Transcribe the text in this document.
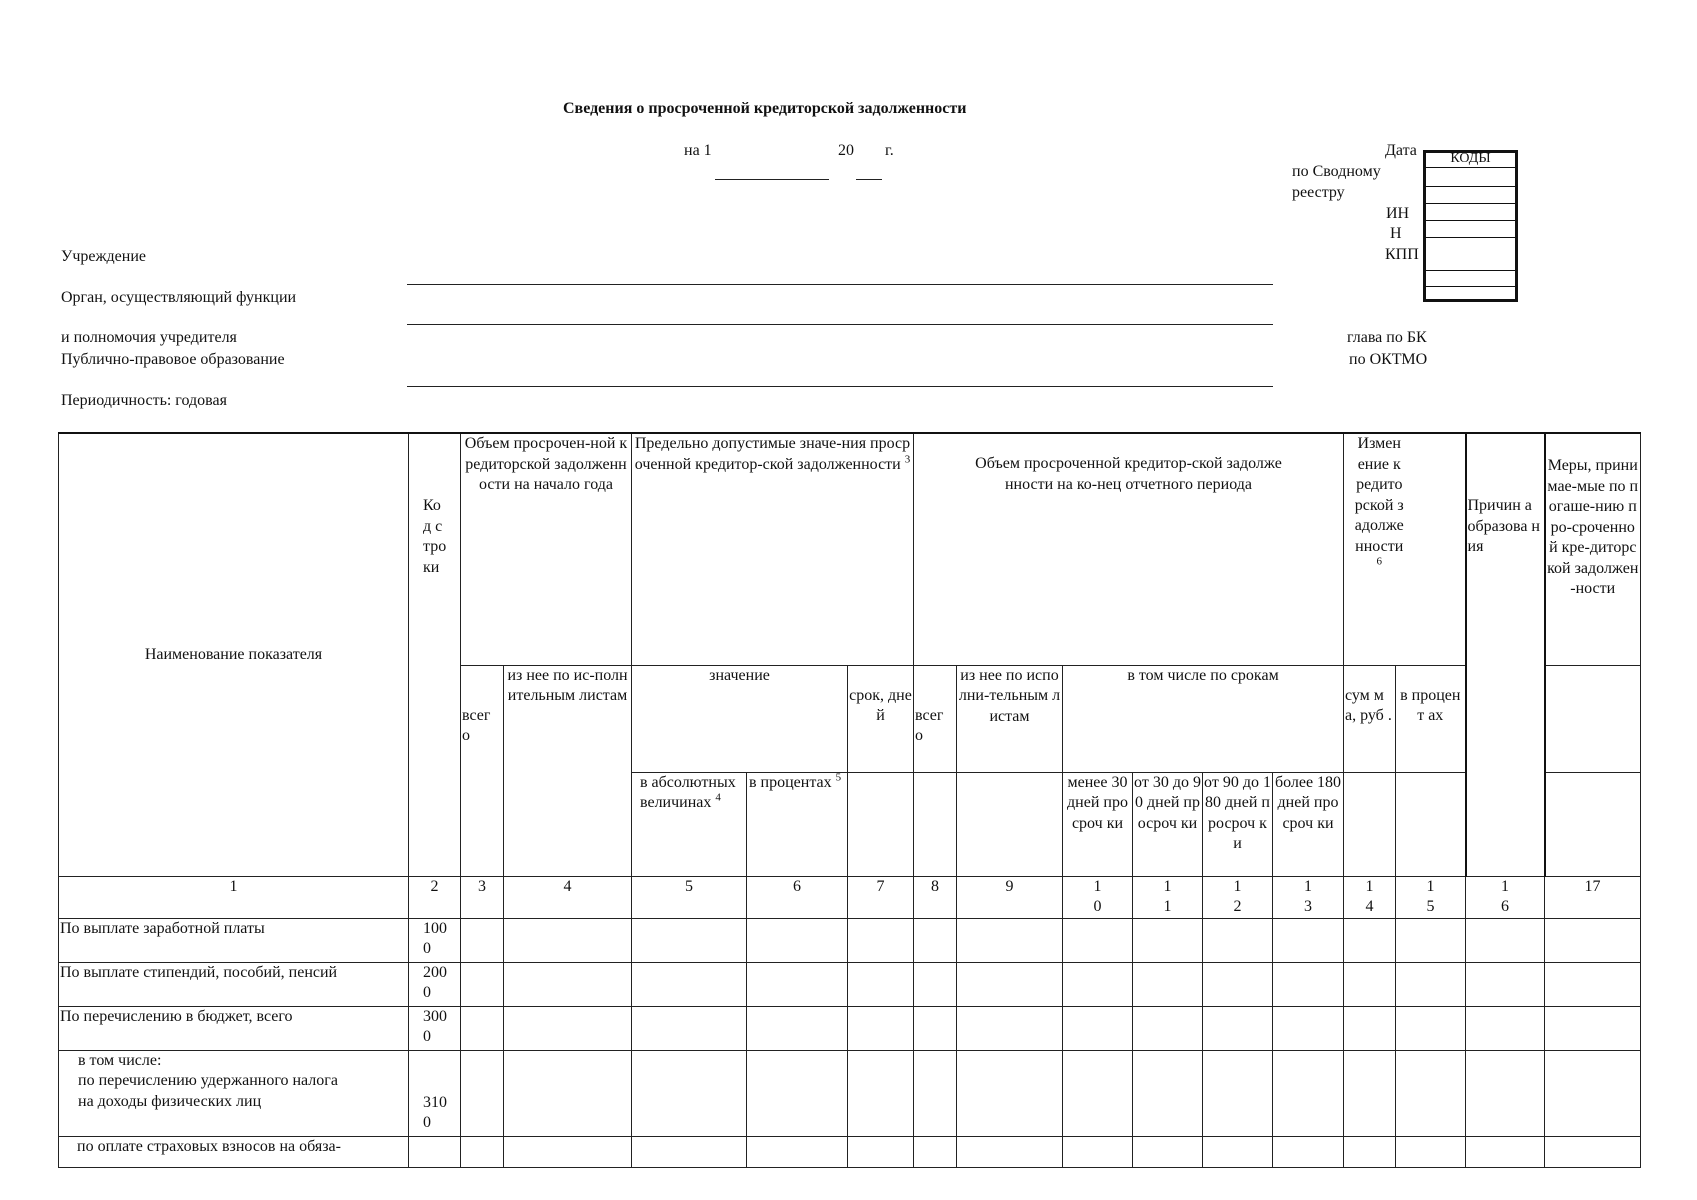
Сведения о просроченной кредиторской задолженности
на 1	20 г.	КОДЫ
Дата
по Сводному
реестру
ИН
Н
КПП
глава по БК
по ОКТМО
Учреждение
Орган, осуществляющий функции
и полномочия учредителя
Публично-правовое образование
Периодичность: годовая
Наименование показателя	Ко д стро ки	Объем просрочен-ной кредиторской задолженности на начало года		Предельно допустимые значе-ния просроченной кредитор-ской задолженности $^3$			Объем просроченной кредитор-ской задолженности на ко-нец отчетного периода						Изменение кредиторской задолженности $^6$		Причин а образова ния	Меры, принимае-мые по погаше-нию про-сроченной кре-диторской задолжен-ности
		всег о	из нее по ис-полнительным листам	значение		срок, дней	всег о	из нее по исполни-тельным листам	в том числе по срокам				сум ма, руб .	в процент ах		
				в абсолютных величинах $^4$	в процентах $^5$				менее 30 дней просроч ки	от 30 до 90 дней просроч ки	от 90 до 180 дней просроч ки	более 180 дней просроч ки				
1	2	3	4	5	6	7	8	9	10	11	12	13	14	15	16	17
По выплате заработной платы	1000															
По выплате стипендий, пособий, пенсий	2000															
По перечислению в бюджет, всего	3000															

в том числе:
по перечислению удержанного налога
на доходы физических лиц	3100															
по оплате страховых взносов на обяза-																
